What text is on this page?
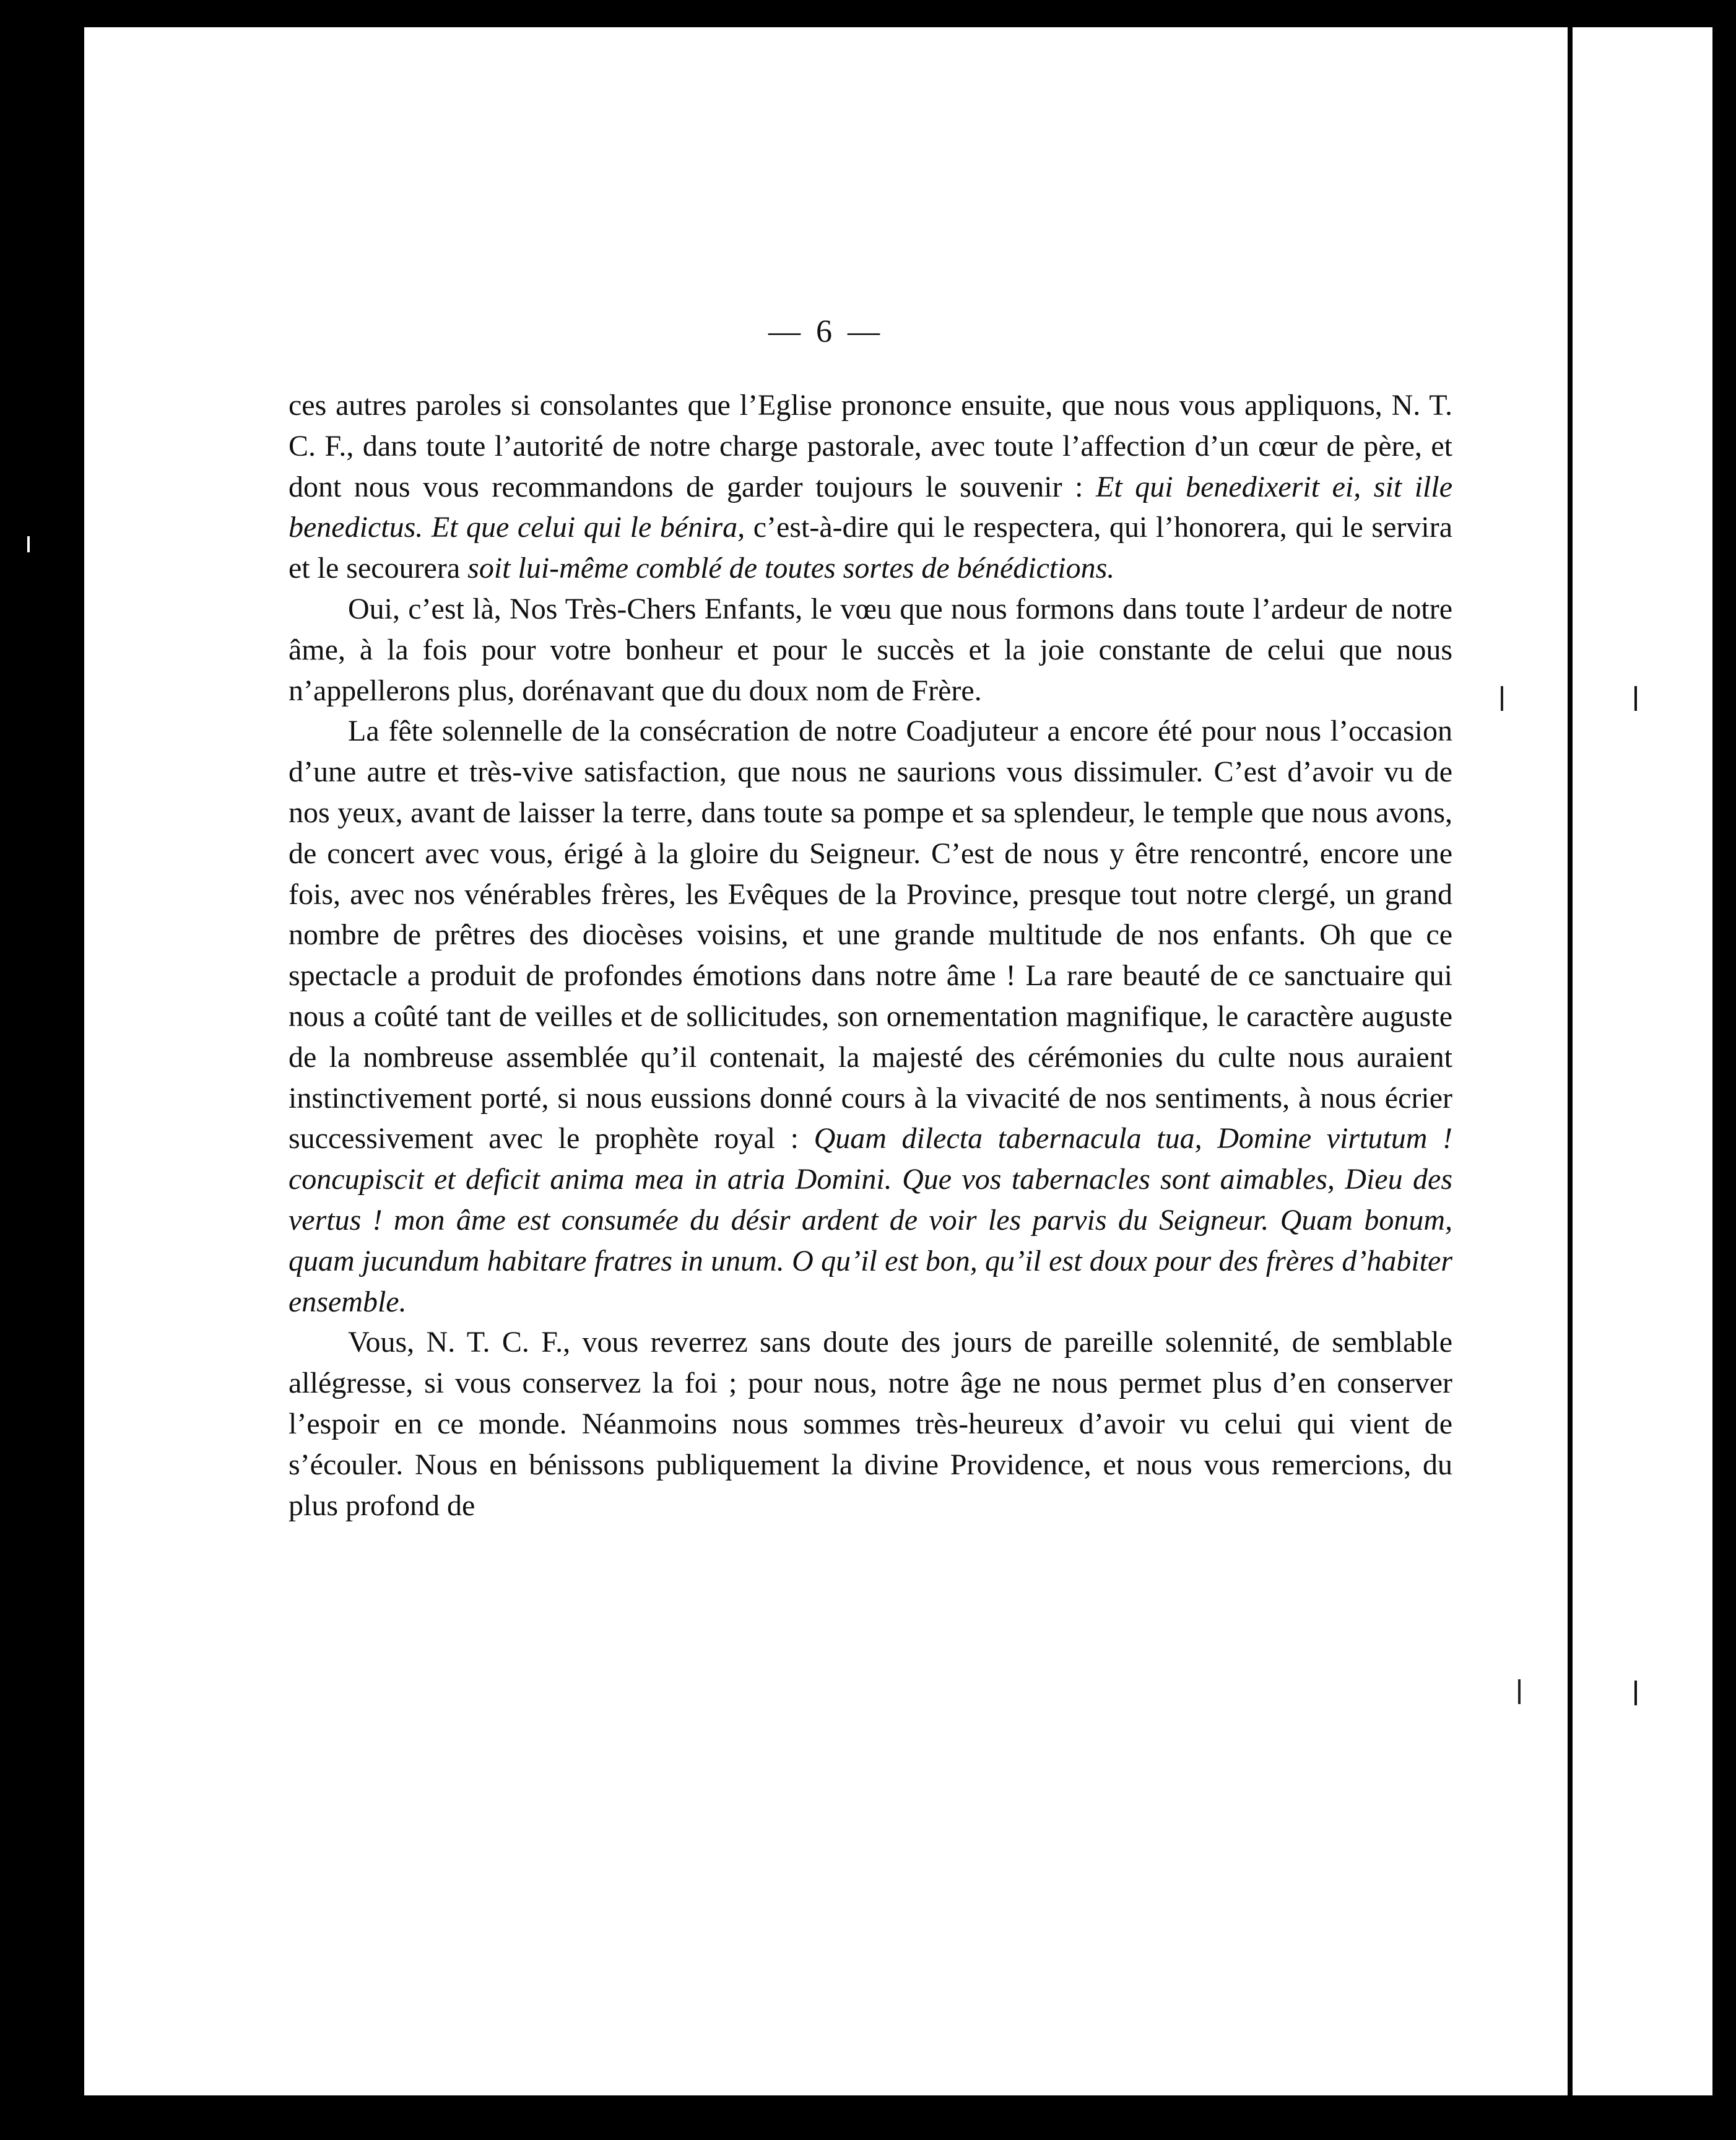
— 6 —

ces autres paroles si consolantes que l’Eglise prononce ensuite, que nous vous appliquons, N. T. C. F., dans toute l’autorité de notre charge pastorale, avec toute l’affection d’un cœur de père, et dont nous vous recommandons de garder toujours le souvenir : Et qui benedixerit ei, sit ille benedictus. Et que celui qui le bénira, c’est-à-dire qui le respectera, qui l’honorera, qui le servira et le secourera soit lui-même comblé de toutes sortes de bénédictions.

Oui, c’est là, Nos Très-Chers Enfants, le vœu que nous formons dans toute l’ardeur de notre âme, à la fois pour votre bonheur et pour le succès et la joie constante de celui que nous n’appellerons plus, dorénavant que du doux nom de Frère.

La fête solennelle de la consécration de notre Coadjuteur a encore été pour nous l’occasion d’une autre et très-vive satisfaction, que nous ne saurions vous dissimuler. C’est d’avoir vu de nos yeux, avant de laisser la terre, dans toute sa pompe et sa splendeur, le temple que nous avons, de concert avec vous, érigé à la gloire du Seigneur. C’est de nous y être rencontré, encore une fois, avec nos vénérables frères, les Evêques de la Province, presque tout notre clergé, un grand nombre de prêtres des diocèses voisins, et une grande multitude de nos enfants. Oh que ce spectacle a produit de profondes émotions dans notre âme ! La rare beauté de ce sanctuaire qui nous a coûté tant de veilles et de sollicitudes, son ornementation magnifique, le caractère auguste de la nombreuse assemblée qu’il contenait, la majesté des cérémonies du culte nous auraient instinctivement porté, si nous eussions donné cours à la vivacité de nos sentiments, à nous écrier successivement avec le prophète royal : Quam dilecta tabernacula tua, Domine virtutum ! concupiscit et deficit anima mea in atria Domini. Que vos tabernacles sont aimables, Dieu des vertus ! mon âme est consumée du désir ardent de voir les parvis du Seigneur. Quam bonum, quam jucundum habitare fratres in unum. O qu’il est bon, qu’il est doux pour des frères d’habiter ensemble.

Vous, N. T. C. F., vous reverrez sans doute des jours de pareille solennité, de semblable allégresse, si vous conservez la foi ; pour nous, notre âge ne nous permet plus d’en conserver l’espoir en ce monde. Néanmoins nous sommes très-heureux d’avoir vu celui qui vient de s’écouler. Nous en bénissons publiquement la divine Providence, et nous vous remercions, du plus profond de
